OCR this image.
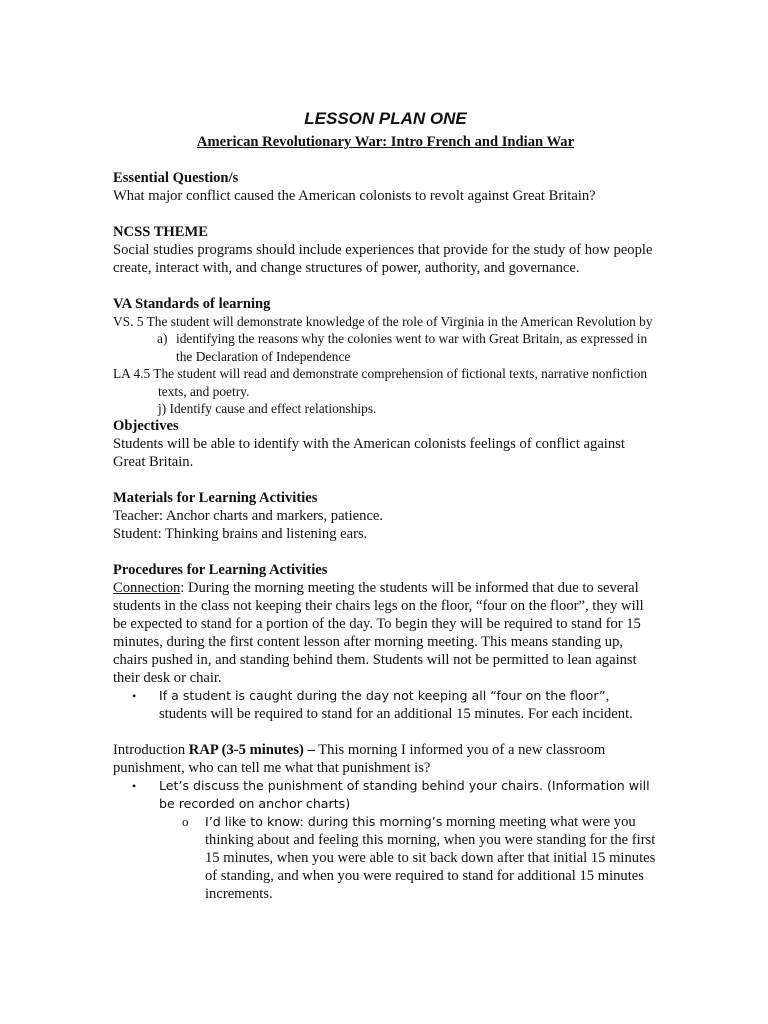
LESSON PLAN ONE

American Revolutionary War: Intro French and Indian War

Essential Question/s

What major conflict caused the American colonists to revolt against Great Britain?

NCSS THEME

Social studies programs should include experiences that provide for the study of how people create, interact with, and change structures of power, authority, and governance.

VA Standards of learning

VS. 5 The student will demonstrate knowledge of the role of Virginia in the American Revolution by

a) identifying the reasons why the colonies went to war with Great Britain, as expressed in the Declaration of Independence

LA 4.5 The student will read and demonstrate comprehension of fictional texts, narrative nonfiction texts, and poetry.

j) Identify cause and effect relationships.

Objectives

Students will be able to identify with the American colonists feelings of conflict against Great Britain.

Materials for Learning Activities

Teacher: Anchor charts and markers, patience.

Student: Thinking brains and listening ears.

Procedures for Learning Activities

Connection: During the morning meeting the students will be informed that due to several students in the class not keeping their chairs legs on the floor, “four on the floor”, they will be expected to stand for a portion of the day. To begin they will be required to stand for 15 minutes, during the first content lesson after morning meeting. This means standing up, chairs pushed in, and standing behind them. Students will not be permitted to lean against their desk or chair.

• If a student is caught during the day not keeping all “four on the floor”, students will be required to stand for an additional 15 minutes. For each incident.

Introduction RAP (3-5 minutes) – This morning I informed you of a new classroom punishment, who can tell me what that punishment is?

• Let’s discuss the punishment of standing behind your chairs. (Information will be recorded on anchor charts)
o I’d like to know: during this morning’s morning meeting what were you thinking about and feeling this morning, when you were standing for the first 15 minutes, when you were able to sit back down after that initial 15 minutes of standing, and when you were required to stand for additional 15 minutes increments.
